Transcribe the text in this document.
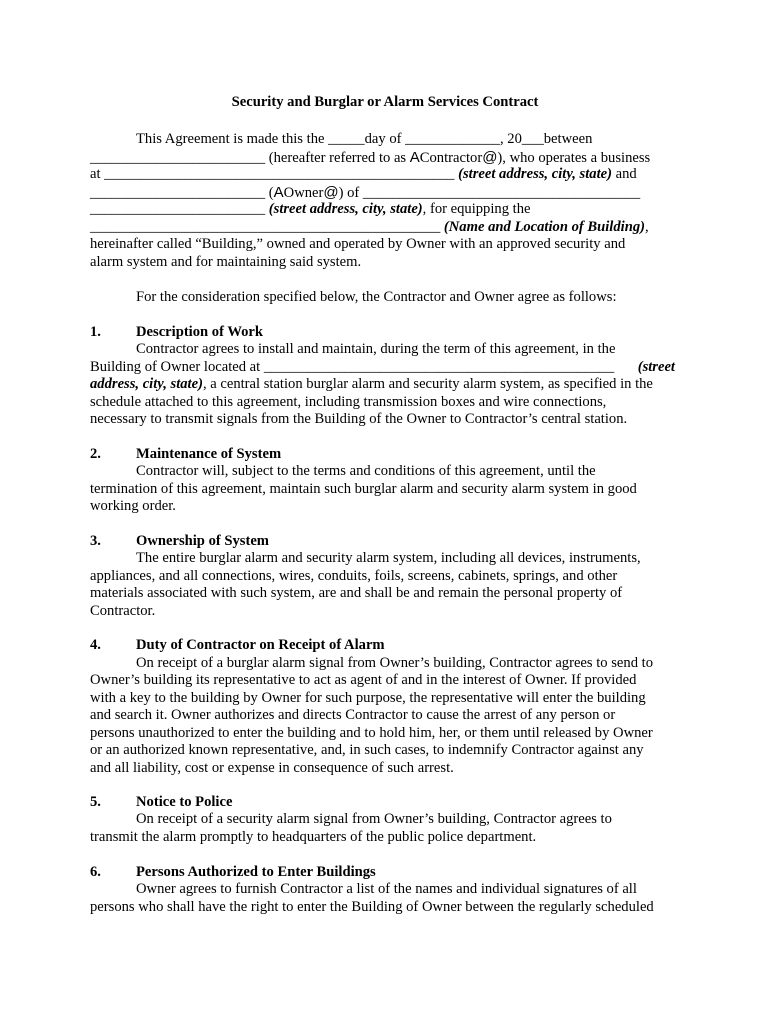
Security and Burglar or Alarm Services Contract
This Agreement is made this the _____day of _____________, 20___between
________________________ (hereafter referred to as AContractor@), who operates a business
at ________________________________________________ (street address, city, state) and
________________________ (AOwner@) of ______________________________________
________________________ (street address, city, state), for equipping the
________________________________________________ (Name and Location of Building),
hereinafter called “Building,” owned and operated by Owner with an approved security and
alarm system and for maintaining said system.
For the consideration specified below, the Contractor and Owner agree as follows:
1. Description of Work
Contractor agrees to install and maintain, during the term of this agreement, in the
Building of Owner located at ________________________________________________ (street
address, city, state), a central station burglar alarm and security alarm system, as specified in the
schedule attached to this agreement, including transmission boxes and wire connections,
necessary to transmit signals from the Building of the Owner to Contractor’s central station.
2. Maintenance of System
Contractor will, subject to the terms and conditions of this agreement, until the
termination of this agreement, maintain such burglar alarm and security alarm system in good
working order.
3. Ownership of System
The entire burglar alarm and security alarm system, including all devices, instruments,
appliances, and all connections, wires, conduits, foils, screens, cabinets, springs, and other
materials associated with such system, are and shall be and remain the personal property of
Contractor.
4. Duty of Contractor on Receipt of Alarm
On receipt of a burglar alarm signal from Owner’s building, Contractor agrees to send to
Owner’s building its representative to act as agent of and in the interest of Owner. If provided
with a key to the building by Owner for such purpose, the representative will enter the building
and search it. Owner authorizes and directs Contractor to cause the arrest of any person or
persons unauthorized to enter the building and to hold him, her, or them until released by Owner
or an authorized known representative, and, in such cases, to indemnify Contractor against any
and all liability, cost or expense in consequence of such arrest.
5. Notice to Police
On receipt of a security alarm signal from Owner’s building, Contractor agrees to
transmit the alarm promptly to headquarters of the public police department.
6. Persons Authorized to Enter Buildings
Owner agrees to furnish Contractor a list of the names and individual signatures of all
persons who shall have the right to enter the Building of Owner between the regularly scheduled
